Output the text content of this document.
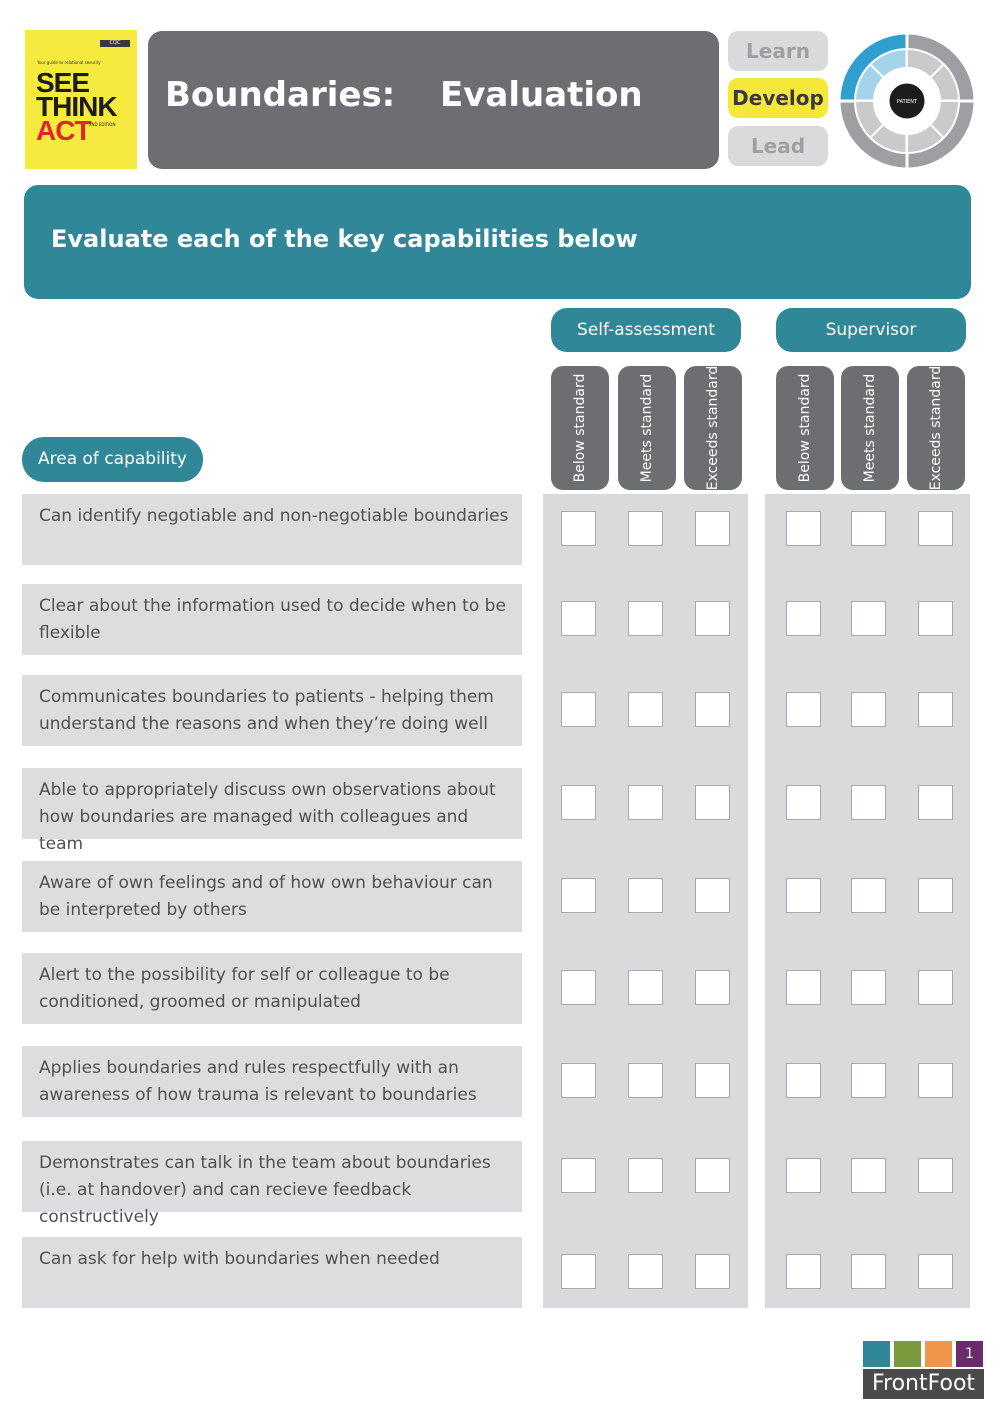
CQC
Your guide to relational security
SEE
THINK
ACT
2ND EDITION
Boundaries: Evaluation
Learn
Develop
Lead
PATIENT
Evaluate each of the key capabilities below
Self-assessment	Supervisor
Below standard	Meets standard	Exceeds standard	Below standard	Meets standard	Exceeds standard
Area of capability
Can identify negotiable and non-negotiable boundaries
Clear about the information used to decide when to be flexible
Communicates boundaries to patients - helping them understand the reasons and when they’re doing well
Able to appropriately discuss own observations about how boundaries are managed with colleagues and team
Aware of own feelings and of how own behaviour can be interpreted by others
Alert to the possibility for self or colleague to be conditioned, groomed or manipulated
Applies boundaries and rules respectfully with an awareness of how trauma is relevant to boundaries
Demonstrates can talk in the team about boundaries (i.e. at handover) and can recieve feedback constructively
Can ask for help with boundaries when needed
1
FrontFoot
